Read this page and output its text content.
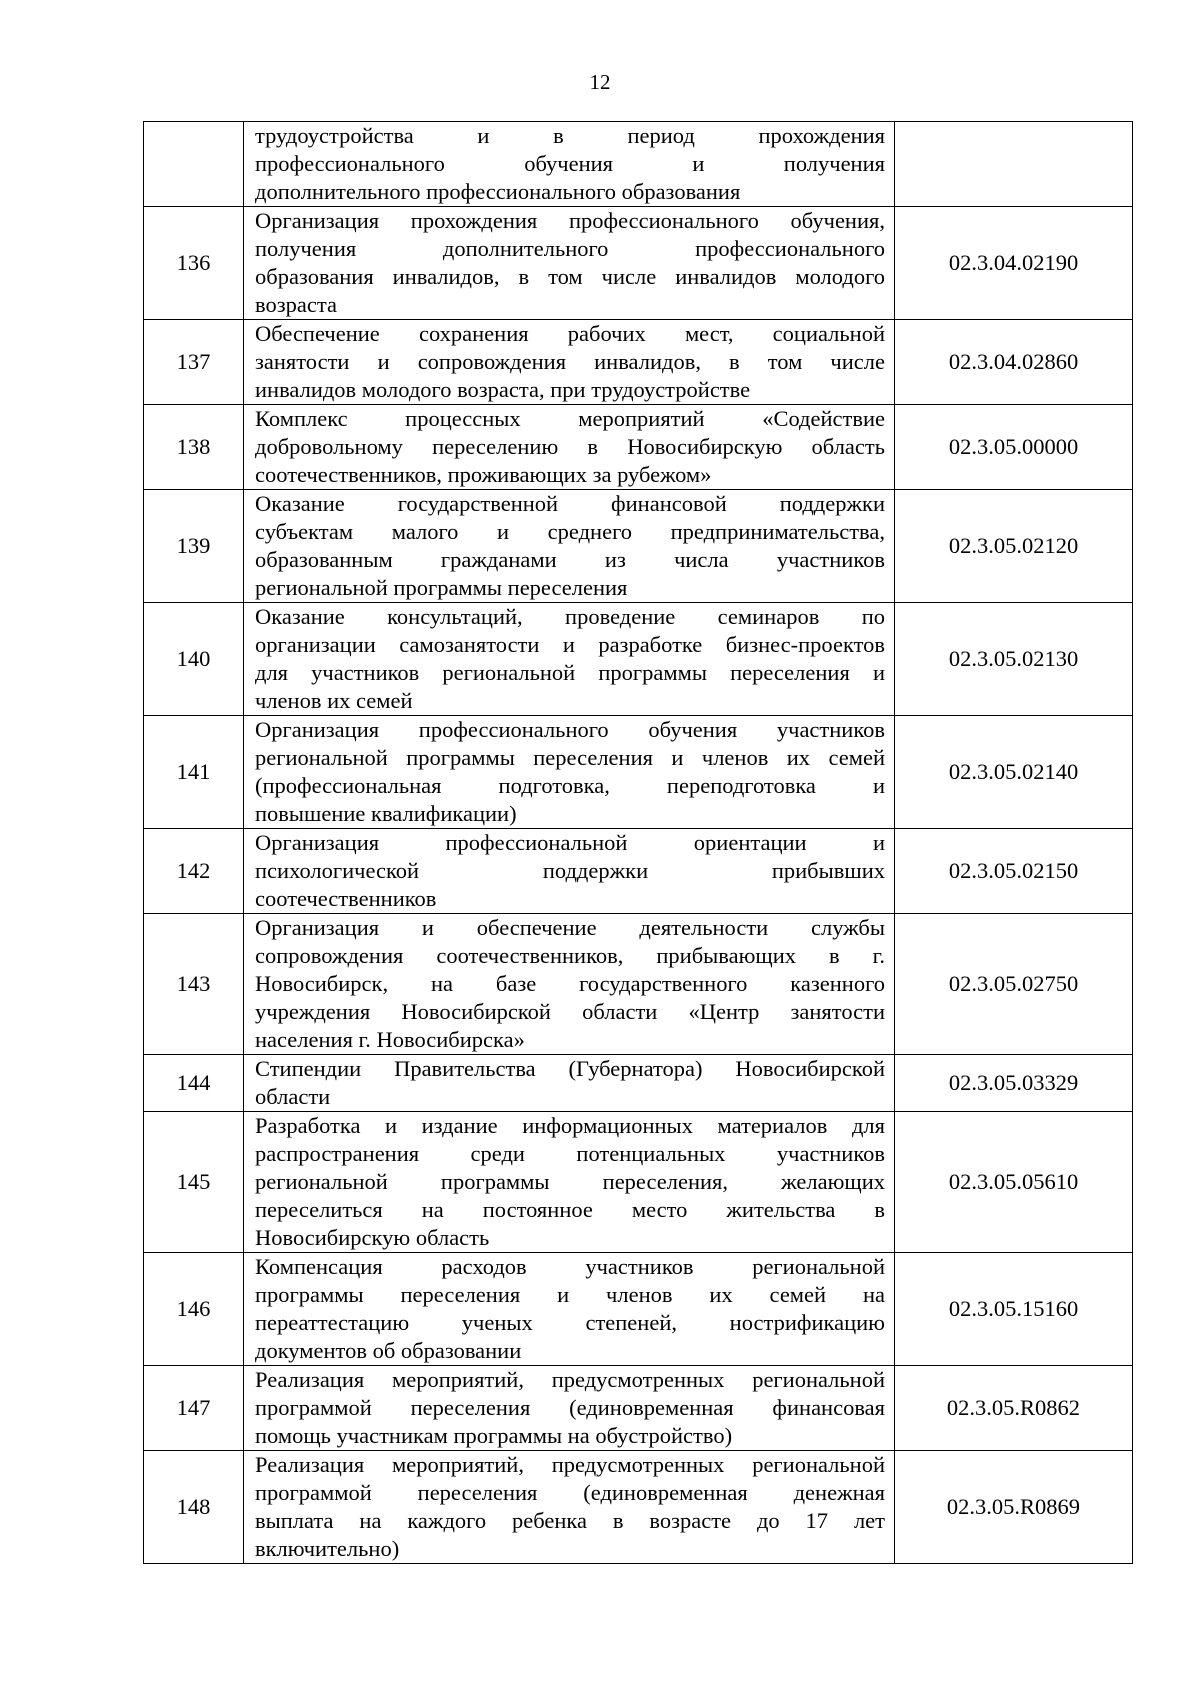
12

	трудоустройства и в период прохождения
профессионального обучения и получения
дополнительного профессионального образования	

136	Организация прохождения профессионального обучения,
получения дополнительного профессионального
образования инвалидов, в том числе инвалидов молодого
возраста	02.3.04.02190
137	Обеспечение сохранения рабочих мест, социальной
занятости и сопровождения инвалидов, в том числе
инвалидов молодого возраста, при трудоустройстве	02.3.04.02860
138	Комплекс процессных мероприятий «Содействие
добровольному переселению в Новосибирскую область
соотечественников, проживающих за рубежом»	02.3.05.00000
139	Оказание государственной финансовой поддержки
субъектам малого и среднего предпринимательства,
образованным гражданами из числа участников
региональной программы переселения	02.3.05.02120
140	Оказание консультаций, проведение семинаров по
организации самозанятости и разработке бизнес-проектов
для участников региональной программы переселения и
членов их семей	02.3.05.02130
141	Организация профессионального обучения участников
региональной программы переселения и членов их семей
(профессиональная подготовка, переподготовка и
повышение квалификации)	02.3.05.02140
142	Организация профессиональной ориентации и
психологической поддержки прибывших
соотечественников	02.3.05.02150
143	Организация и обеспечение деятельности службы
сопровождения соотечественников, прибывающих в г.
Новосибирск, на базе государственного казенного
учреждения Новосибирской области «Центр занятости
населения г. Новосибирска»	02.3.05.02750
144	Стипендии Правительства (Губернатора) Новосибирской
области	02.3.05.03329
145	Разработка и издание информационных материалов для
распространения среди потенциальных участников
региональной программы переселения, желающих
переселиться на постоянное место жительства в
Новосибирскую область	02.3.05.05610
146	Компенсация расходов участников региональной
программы переселения и членов их семей на
переаттестацию ученых степеней, нострификацию
документов об образовании	02.3.05.15160
147	Реализация мероприятий, предусмотренных региональной
программой переселения (единовременная финансовая
помощь участникам программы на обустройство)	02.3.05.R0862
148	Реализация мероприятий, предусмотренных региональной
программой переселения (единовременная денежная
выплата на каждого ребенка в возрасте до 17 лет
включительно)	02.3.05.R0869
